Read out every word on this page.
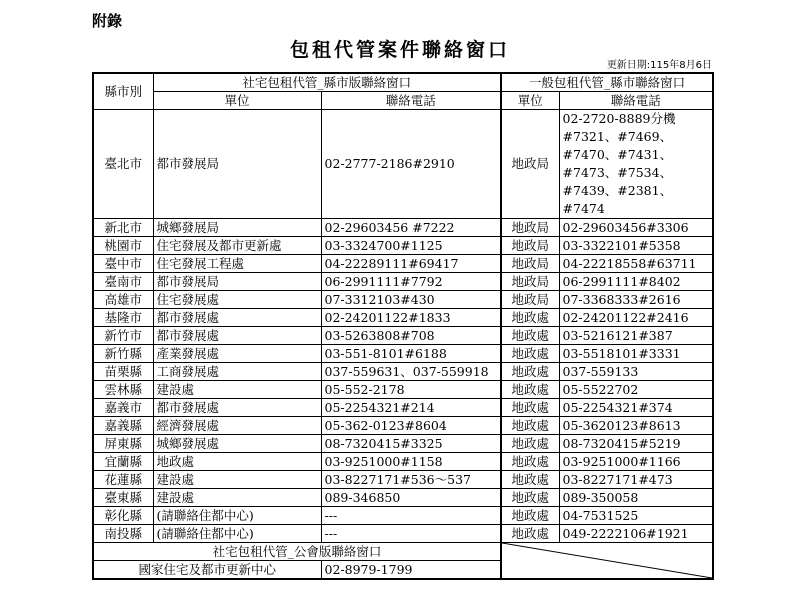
附錄
包租代管案件聯絡窗口
更新日期:115年8月6日
縣市別	社宅包租代管_縣市版聯絡窗口		一般包租代管_縣市聯絡窗口	
	單位	聯絡電話	單位	聯絡電話
臺北市	都市發展局	02-2777-2186#2910	地政局	02-2720-8889分機
#7321、#7469、
#7470、#7431、
#7473、#7534、
#7439、#2381、#7474

新北市	城鄉發展局	02-29603456 #7222	地政局	02-29603456#3306
桃園市	住宅發展及都市更新處	03-3324700#1125	地政局	03-3322101#5358
臺中市	住宅發展工程處	04-22289111#69417	地政局	04-22218558#63711
臺南市	都市發展局	06-2991111#7792	地政局	06-2991111#8402
高雄市	住宅發展處	07-3312103#430	地政局	07-3368333#2616
基隆市	都市發展處	02-24201122#1833	地政處	02-24201122#2416
新竹市	都市發展處	03-5263808#708	地政處	03-5216121#387
新竹縣	產業發展處	03-551-8101#6188	地政處	03-5518101#3331
苗栗縣	工商發展處	037-559631、037-559918	地政處	037-559133
雲林縣	建設處	05-552-2178	地政處	05-5522702
嘉義市	都市發展處	05-2254321#214	地政處	05-2254321#374
嘉義縣	經濟發展處	05-362-0123#8604	地政處	05-3620123#8613
屏東縣	城鄉發展處	08-7320415#3325	地政處	08-7320415#5219
宜蘭縣	地政處	03-9251000#1158	地政處	03-9251000#1166
花蓮縣	建設處	03-8227171#536～537	地政處	03-8227171#473
臺東縣	建設處	089-346850	地政處	089-350058
彰化縣	(請聯絡住都中心)	---	地政處	04-7531525
南投縣	(請聯絡住都中心)	---	地政處	049-2222106#1921
社宅包租代管_公會版聯絡窗口	

國家住宅及都市更新中心		02-8979-1799		
